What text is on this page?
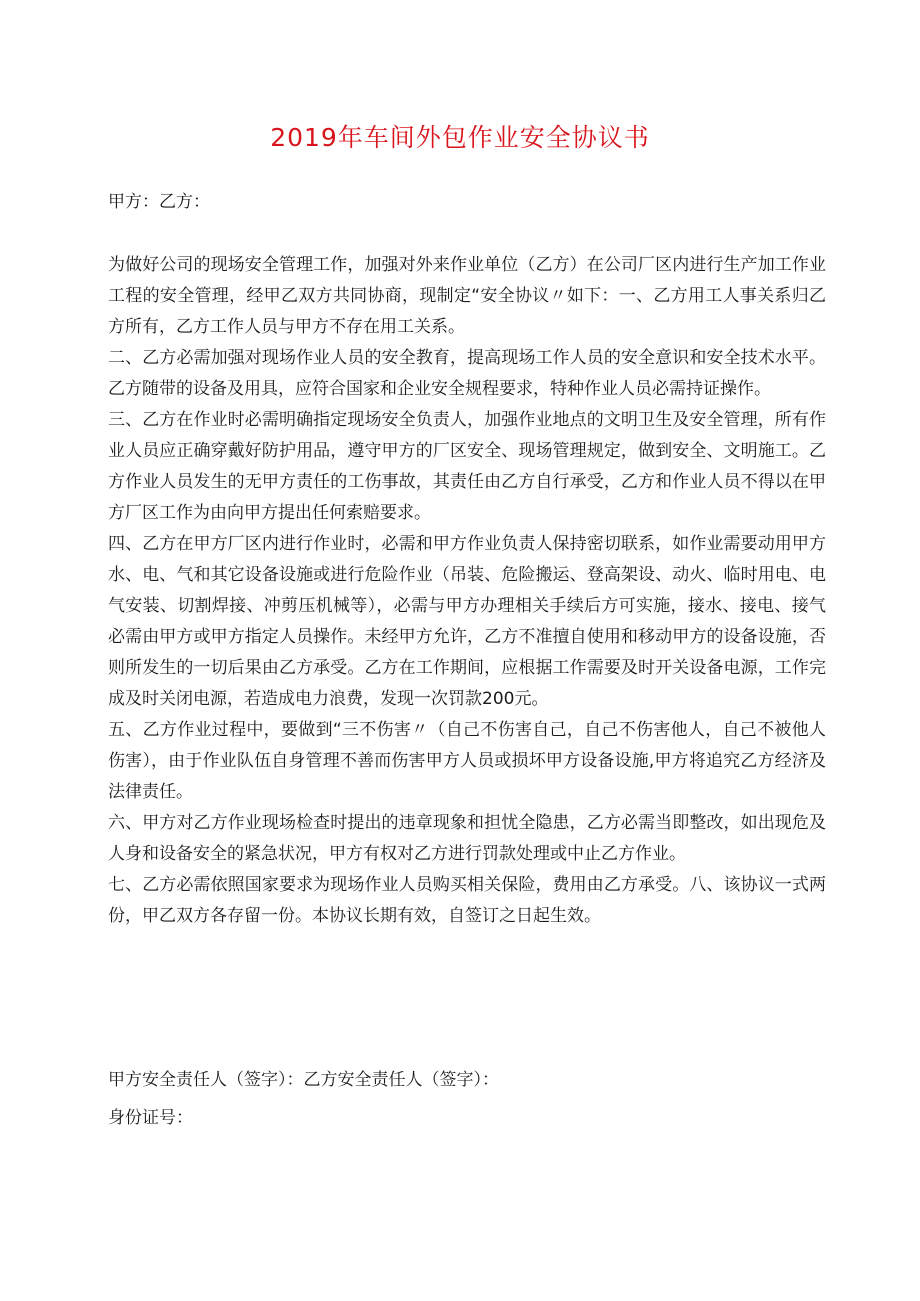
2019年车间外包作业安全协议书
甲方：乙方：

为做好公司的现场安全管理工作，加强对外来作业单位（乙方）在公司厂区内进行生产加工作业工程的安全管理，经甲乙双方共同协商，现制定“安全协议〃如下：一、乙方用工人事关系归乙方所有，乙方工作人员与甲方不存在用工关系。

二、乙方必需加强对现场作业人员的安全教育，提高现场工作人员的安全意识和安全技术水平。乙方随带的设备及用具，应符合国家和企业安全规程要求，特种作业人员必需持证操作。

三、乙方在作业时必需明确指定现场安全负责人，加强作业地点的文明卫生及安全管理，所有作业人员应正确穿戴好防护用品，遵守甲方的厂区安全、现场管理规定，做到安全、文明施工。乙方作业人员发生的无甲方责任的工伤事故，其责任由乙方自行承受，乙方和作业人员不得以在甲方厂区工作为由向甲方提出任何索赔要求。

四、乙方在甲方厂区内进行作业时，必需和甲方作业负责人保持密切联系，如作业需要动用甲方水、电、气和其它设备设施或进行危险作业（吊装、危险搬运、登高架设、动火、临时用电、电气安装、切割焊接、冲剪压机械等），必需与甲方办理相关手续后方可实施，接水、接电、接气必需由甲方或甲方指定人员操作。未经甲方允许，乙方不准擅自使用和移动甲方的设备设施，否则所发生的一切后果由乙方承受。乙方在工作期间，应根据工作需要及时开关设备电源，工作完成及时关闭电源，若造成电力浪费，发现一次罚款200元。

五、乙方作业过程中，要做到“三不伤害〃（自己不伤害自己，自己不伤害他人，自己不被他人伤害），由于作业队伍自身管理不善而伤害甲方人员或损坏甲方设备设施,甲方将追究乙方经济及法律责任。

六、甲方对乙方作业现场检查时提出的违章现象和担忧全隐患，乙方必需当即整改，如出现危及人身和设备安全的紧急状况，甲方有权对乙方进行罚款处理或中止乙方作业。

七、乙方必需依照国家要求为现场作业人员购买相关保险，费用由乙方承受。八、该协议一式两份，甲乙双方各存留一份。本协议长期有效，自签订之日起生效。

甲方安全责任人（签字）：乙方安全责任人（签字）：
身份证号：
